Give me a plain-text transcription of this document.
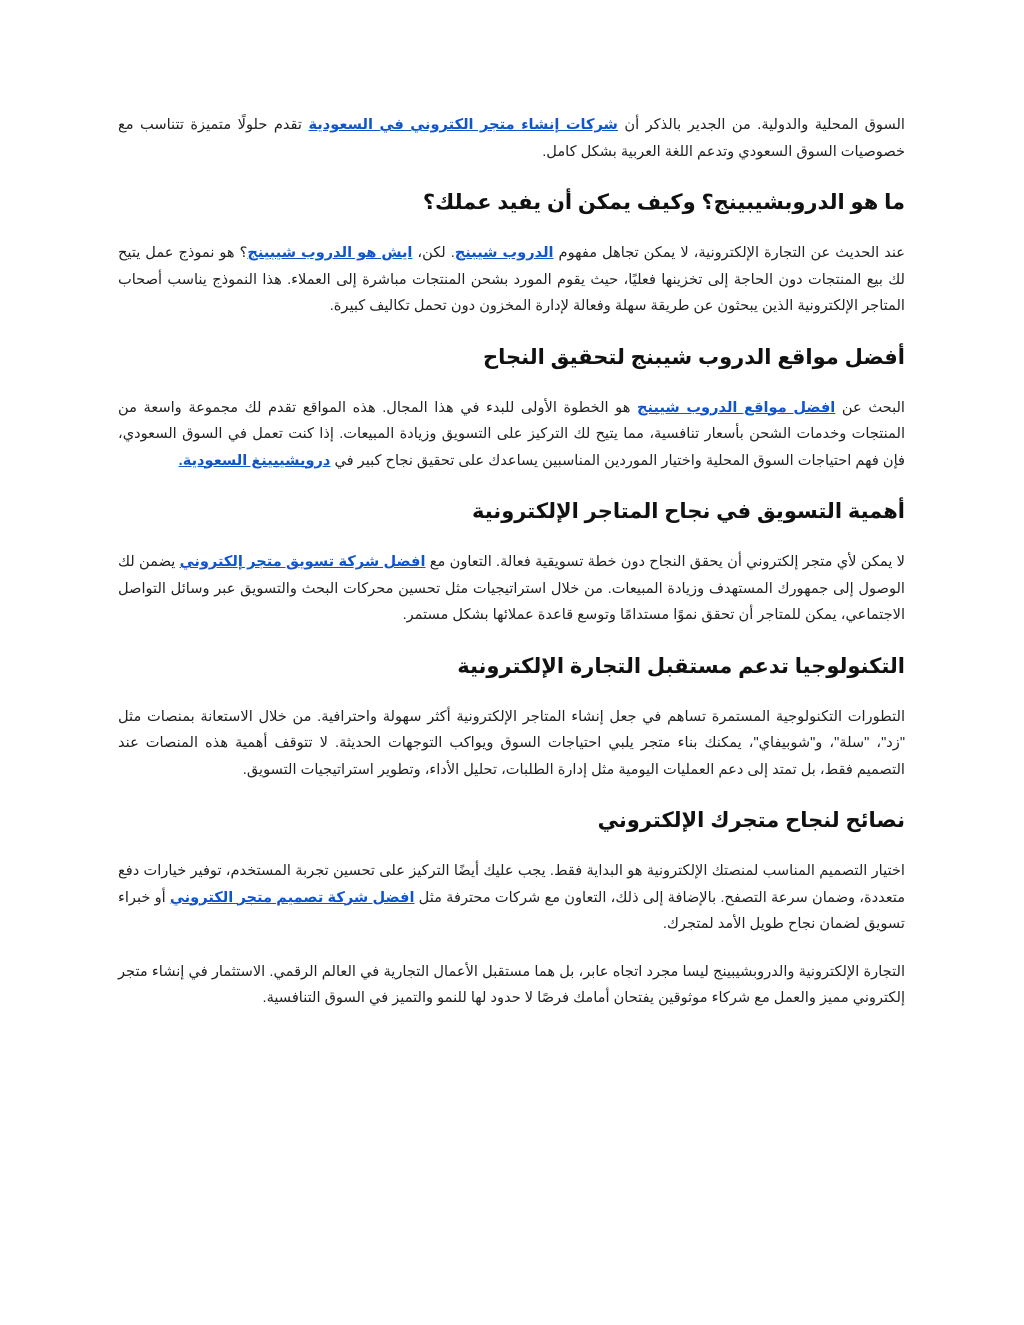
السوق المحلية والدولية. من الجدير بالذكر أن شركات إنشاء متجر الكتروني في السعودية تقدم حلولًا متميزة تتناسب مع خصوصيات السوق السعودي وتدعم اللغة العربية بشكل كامل.

ما هو الدروبشيبينج؟ وكيف يمكن أن يفيد عملك؟

عند الحديث عن التجارة الإلكترونية، لا يمكن تجاهل مفهوم الدروب شيبنج. لكن، ايش هو الدروب شيبينج؟ هو نموذج عمل يتيح لك بيع المنتجات دون الحاجة إلى تخزينها فعليًا، حيث يقوم المورد بشحن المنتجات مباشرة إلى العملاء. هذا النموذج يناسب أصحاب المتاجر الإلكترونية الذين يبحثون عن طريقة سهلة وفعالة لإدارة المخزون دون تحمل تكاليف كبيرة.

أفضل مواقع الدروب شيبنج لتحقيق النجاح

البحث عن افضل مواقع الدروب شيبنج هو الخطوة الأولى للبدء في هذا المجال. هذه المواقع تقدم لك مجموعة واسعة من المنتجات وخدمات الشحن بأسعار تنافسية، مما يتيح لك التركيز على التسويق وزيادة المبيعات. إذا كنت تعمل في السوق السعودي، فإن فهم احتياجات السوق المحلية واختيار الموردين المناسبين يساعدك على تحقيق نجاح كبير في دروبشيبينغ السعودية.

أهمية التسويق في نجاح المتاجر الإلكترونية

لا يمكن لأي متجر إلكتروني أن يحقق النجاح دون خطة تسويقية فعالة. التعاون مع افضل شركة تسويق متجر إلكتروني يضمن لك الوصول إلى جمهورك المستهدف وزيادة المبيعات. من خلال استراتيجيات مثل تحسين محركات البحث والتسويق عبر وسائل التواصل الاجتماعي، يمكن للمتاجر أن تحقق نموًا مستدامًا وتوسع قاعدة عملائها بشكل مستمر.

التكنولوجيا تدعم مستقبل التجارة الإلكترونية

التطورات التكنولوجية المستمرة تساهم في جعل إنشاء المتاجر الإلكترونية أكثر سهولة واحترافية. من خلال الاستعانة بمنصات مثل "زد"، "سلة"، و"شوبيفاي"، يمكنك بناء متجر يلبي احتياجات السوق ويواكب التوجهات الحديثة. لا تتوقف أهمية هذه المنصات عند التصميم فقط، بل تمتد إلى دعم العمليات اليومية مثل إدارة الطلبات، تحليل الأداء، وتطوير استراتيجيات التسويق.

نصائح لنجاح متجرك الإلكتروني

اختيار التصميم المناسب لمنصتك الإلكترونية هو البداية فقط. يجب عليك أيضًا التركيز على تحسين تجربة المستخدم، توفير خيارات دفع متعددة، وضمان سرعة التصفح. بالإضافة إلى ذلك، التعاون مع شركات محترفة مثل افضل شركة تصميم متجر الكتروني أو خبراء تسويق لضمان نجاح طويل الأمد لمتجرك.

التجارة الإلكترونية والدروبشيبينج ليسا مجرد اتجاه عابر، بل هما مستقبل الأعمال التجارية في العالم الرقمي. الاستثمار في إنشاء متجر إلكتروني مميز والعمل مع شركاء موثوقين يفتحان أمامك فرصًا لا حدود لها للنمو والتميز في السوق التنافسية.
